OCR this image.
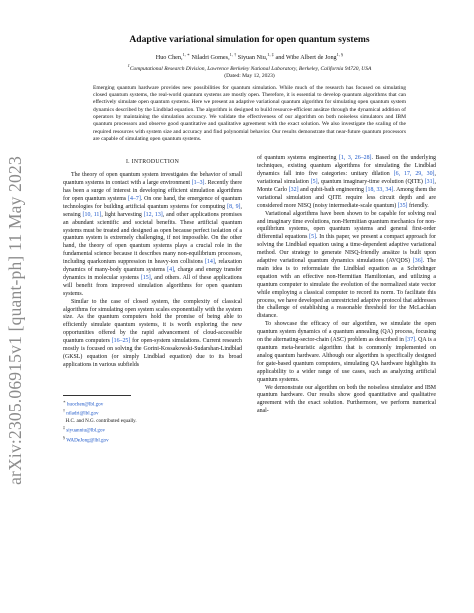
arXiv:2305.06915v1 [quant-ph] 11 May 2023
Adaptive variational simulation for open quantum systems
Huo Chen,$^{1, ∗}$ Niladri Gomes,$^{1, \dagger}$ Siyuan Niu,$^{1, \ddagger}$ and Wibe Albert de Jong$^{1, \S}$
$^1$Computational Research Division, Lawrence Berkeley National Laboratory, Berkeley, California 94720, USA
(Dated: May 12, 2023)
Emerging quantum hardware provides new possibilities for quantum simulation. While much of the research has focused on simulating closed quantum systems, the real-world quantum systems are mostly open. Therefore, it is essential to develop quantum algorithms that can effectively simulate open quantum systems. Here we present an adaptive variational quantum algorithm for simulating open quantum system dynamics described by the Lindblad equation. The algorithm is designed to build resource-efficient ansätze through the dynamical addition of operators by maintaining the simulation accuracy. We validate the effectiveness of our algorithm on both noiseless simulators and IBM quantum processors and observe good quantitative and qualitative agreement with the exact solution. We also investigate the scaling of the required resources with system size and accuracy and find polynomial behavior. Our results demonstrate that near-future quantum processors are capable of simulating open quantum systems.
I. INTRODUCTION

The theory of open quantum system investigates the behavior of small quantum systems in contact with a large environment [1–3]. Recently there has been a surge of interest in developing efficient simulation algorithms for open quantum systems [4–7]. On one hand, the emergence of quantum technologies for building artificial quantum systems for computing [8, 9], sensing [10, 11], light harvesting [12, 13], and other applications promises an abundant scientific and societal benefits. These artificial quantum systems must be treated and designed as open because perfect isolation of a quantum system is extremely challenging, if not impossible. On the other hand, the theory of open quantum systems plays a crucial role in the fundamental science because it describes many non-equilibrium processes, including quarkonium suppression in heavy-ion collisions [14], relaxation dynamics of many-body quantum systems [4], charge and energy transfer dynamics in molecular systems [15], and others. All of these applications will benefit from improved simulation algorithms for open quantum systems.

Similar to the case of closed system, the complexity of classical algorithms for simulating open system scales exponentially with the system size. As the quantum computers hold the promise of being able to efficiently simulate quantum systems, it is worth exploring the new opportunities offered by the rapid advancement of cloud-accessible quantum computers [16–25] for open-system simulations. Current research mostly is focused on solving the Gorini-Kossakowski-Sudarshan-Lindblad (GKSL) equation (or simply Lindblad equation) due to its broad applications in various subfields

∗ huochen@lbl.gov
† niladri@lbl.gov
H.C. and N.G. contributed equally.
‡ siyuanniu@lbl.gov
§ WADeJong@lbl.gov

of quantum systems engineering [1, 3, 26–28]. Based on the underlying techniques, existing quantum algorithms for simulating the Lindblad dynamics fall into five categories: unitary dilation [6, 17, 29, 30], variational simulation [5], quantum imaginary-time evolution (QITE) [31], Monte Carlo [32] and qubit-bath engineering [18, 33, 34]. Among them the variational simulation and QITE require less circuit depth and are considered more NISQ (noisy intermediate-scale quantum) [35] friendly.

Variational algorithms have been shown to be capable for solving real and imaginary time evolutions, non-Hermitian quantum mechanics for non-equilibrium systems, open quantum systems and general first-order differential equations [5]. In this paper, we present a compact approach for solving the Lindblad equation using a time-dependent adaptive variational method. Our strategy to generate NISQ-friendly ansätze is built upon adaptive variational quantum dynamics simulations (AVQDS) [36]. The main idea is to reformulate the Lindblad equation as a Schrödinger equation with an effective non-Hermitian Hamiltonian, and utilizing a quantum computer to simulate the evolution of the normalized state vector while employing a classical computer to record its norm. To facilitate this process, we have developed an unrestricted adaptive protocol that addresses the challenge of establishing a reasonable threshold for the McLachlan distance.

To showcase the efficacy of our algorithm, we simulate the open quantum system dynamics of a quantum annealing (QA) process, focusing on the alternating-sector-chain (ASC) problem as described in [37]. QA is a quantum meta-heuristic algorithm that is commonly implemented on analog quantum hardware. Although our algorithm is specifically designed for gate-based quantum computers, simulating QA hardware highlights its applicability to a wider range of use cases, such as analyzing artificial quantum systems.

We demonstrate our algorithm on both the noiseless simulator and IBM quantum hardware. Our results show good quantitative and qualitative agreement with the exact solution. Furthermore, we perform numerical anal-
